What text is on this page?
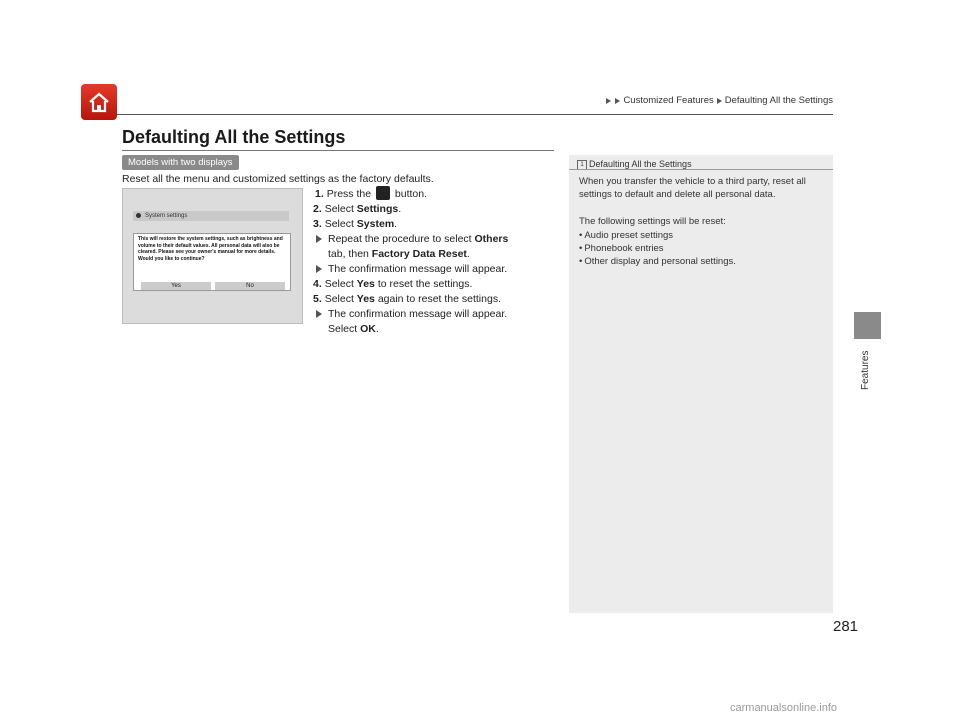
Customized Features Defaulting All the Settings
Defaulting All the Settings
Models with two displays
Reset all the menu and customized settings as the factory defaults.
System settings
This will restore the system settings, such as brightness and volume to their default values. All personal data will also be cleared. Please see your owner's manual for more details. Would you like to continue?
Yes	No
1. Press the button.
2. Select Settings.
3. Select System.
Repeat the procedure to select Others
tab, then Factory Data Reset.
The confirmation message will appear.
4. Select Yes to reset the settings.
5. Select Yes again to reset the settings.
The confirmation message will appear.
Select OK.
1 Defaulting All the Settings

When you transfer the vehicle to a third party, reset all settings to default and delete all personal data.

The following settings will be reset:
• Audio preset settings
• Phonebook entries
• Other display and personal settings.
Features
281
carmanualsonline.info
